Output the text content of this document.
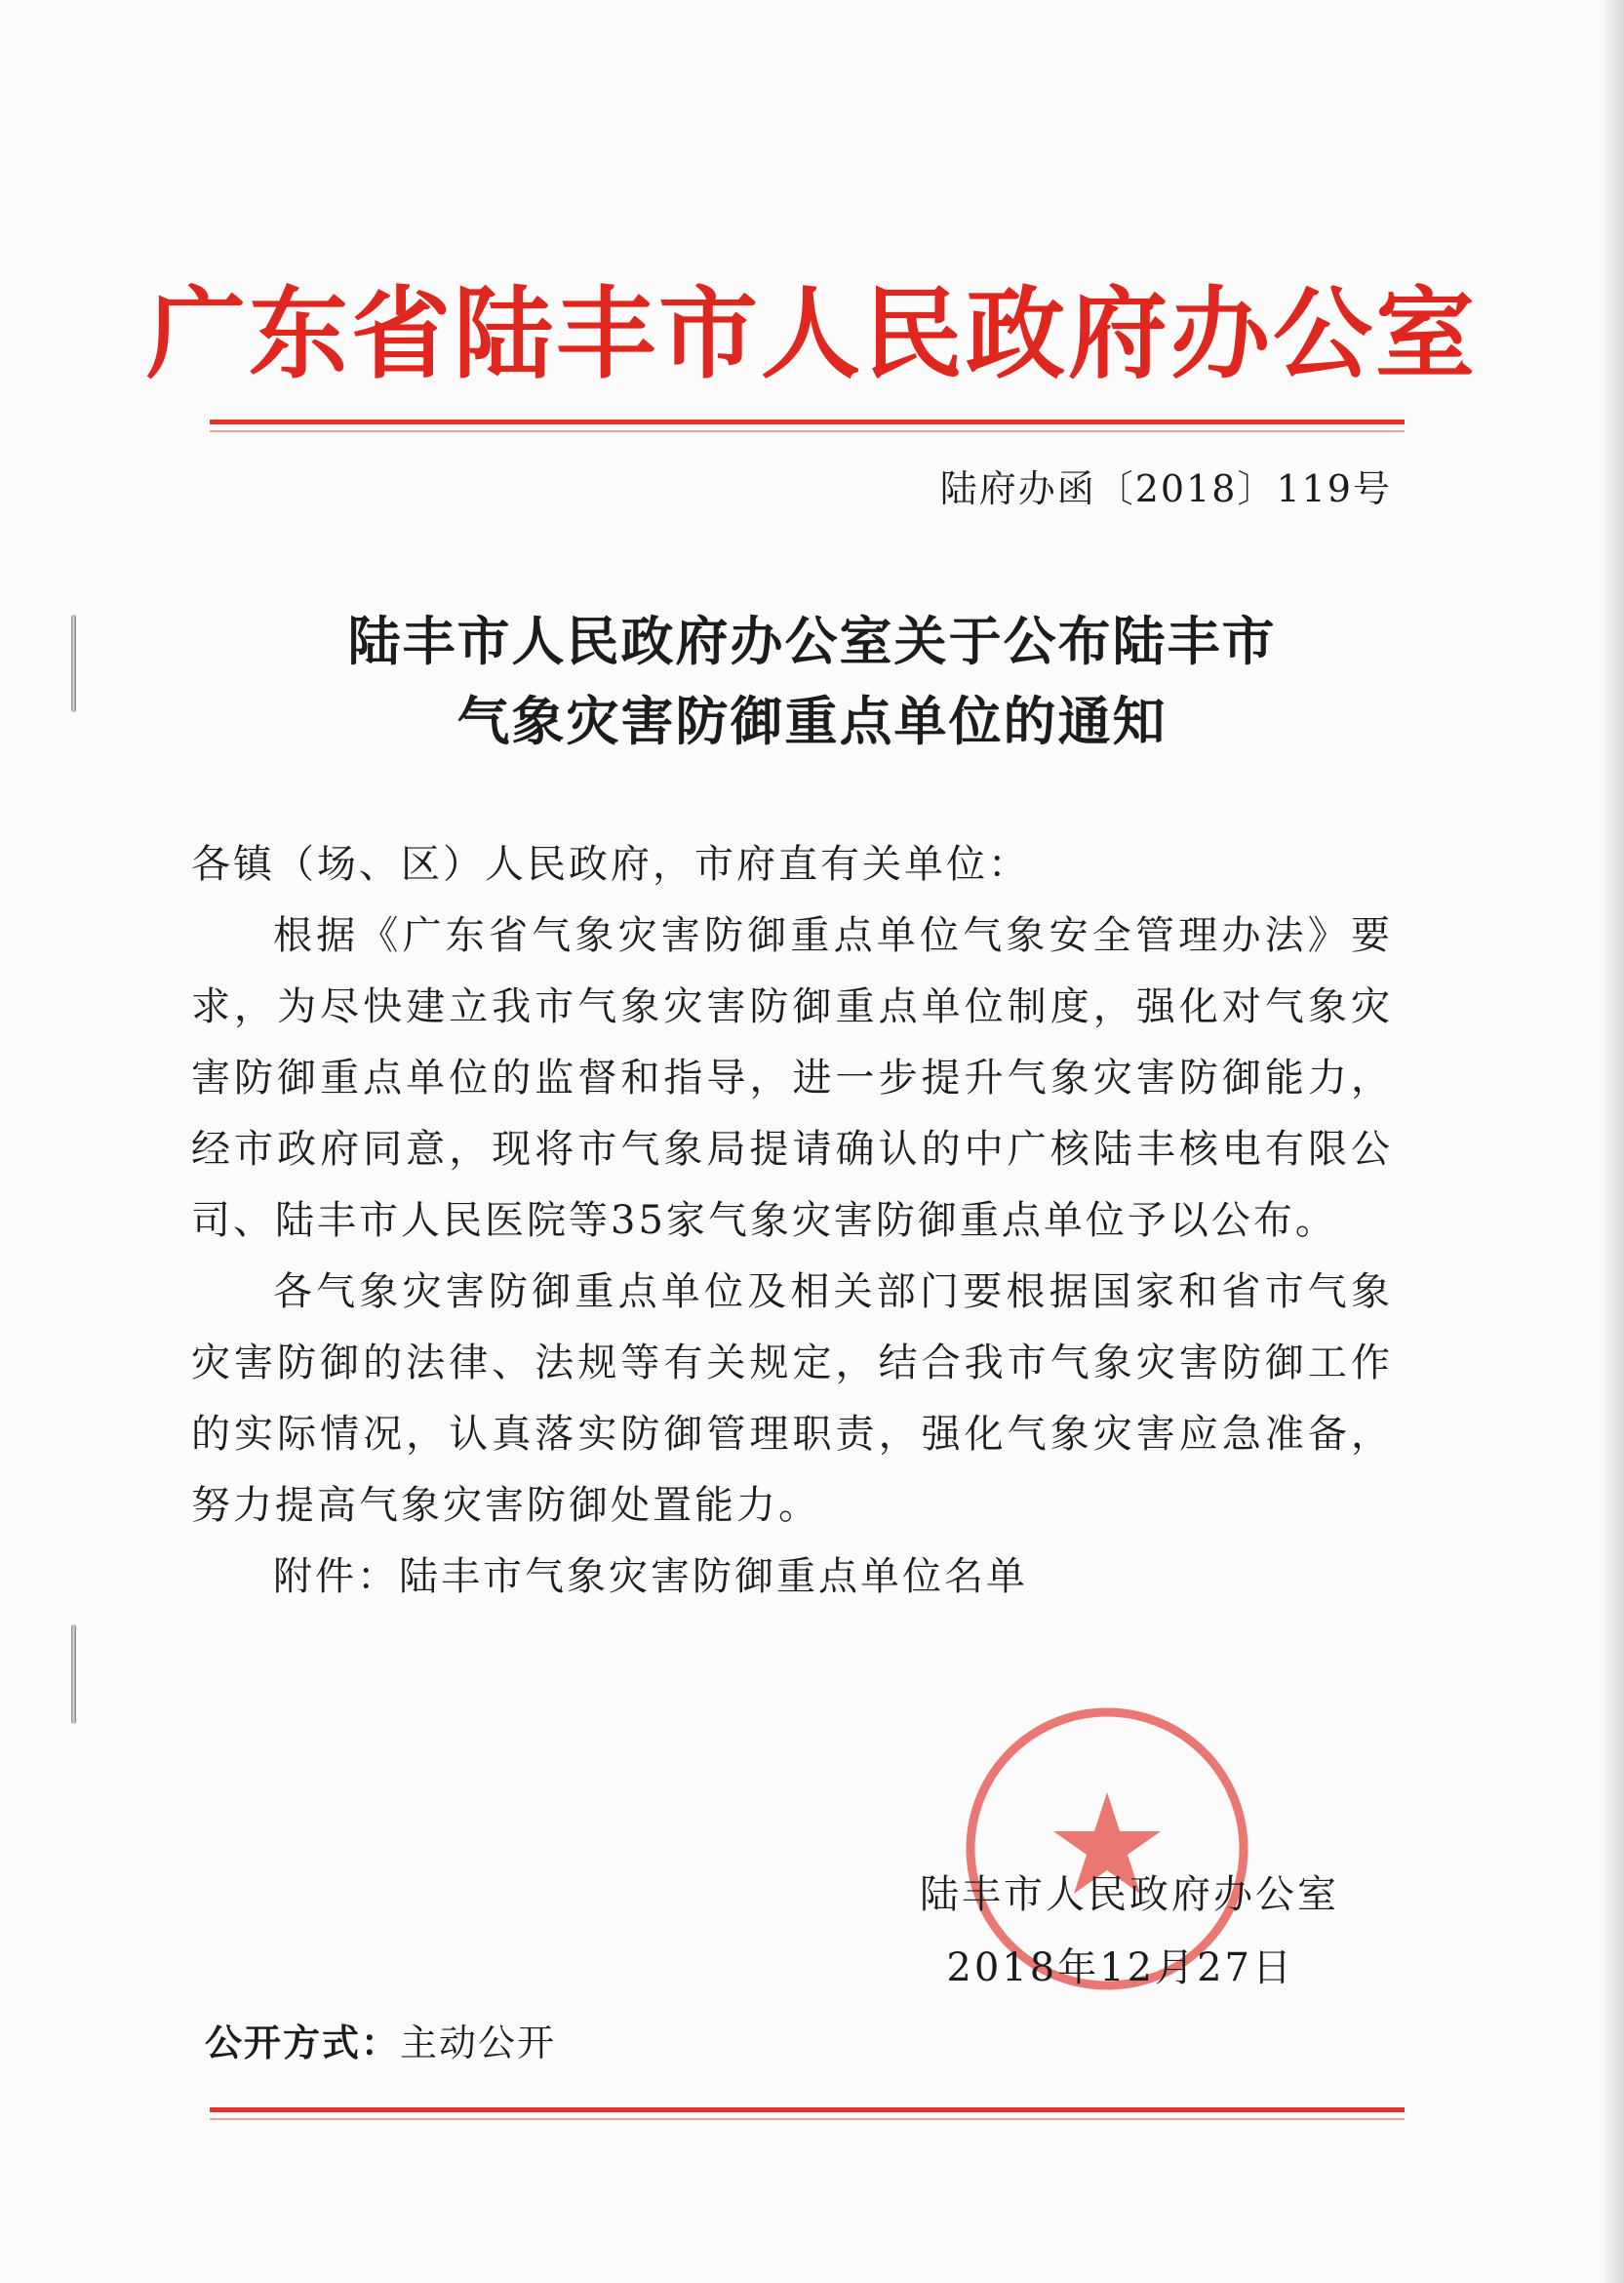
广东省陆丰市人民政府办公室
陆府办函〔2018〕119号
陆丰市人民政府办公室关于公布陆丰市
气象灾害防御重点单位的通知

各镇（场、区）人民政府，市府直有关单位：

根据《广东省气象灾害防御重点单位气象安全管理办法》要求，为尽快建立我市气象灾害防御重点单位制度，强化对气象灾害防御重点单位的监督和指导，进一步提升气象灾害防御能力，经市政府同意，现将市气象局提请确认的中广核陆丰核电有限公司、陆丰市人民医院等35家气象灾害防御重点单位予以公布。

各气象灾害防御重点单位及相关部门要根据国家和省市气象灾害防御的法律、法规等有关规定，结合我市气象灾害防御工作的实际情况，认真落实防御管理职责，强化气象灾害应急准备，努力提高气象灾害防御处置能力。

附件：陆丰市气象灾害防御重点单位名单

陆丰市人民政府办公室
2018年12月27日
公开方式：主动公开
